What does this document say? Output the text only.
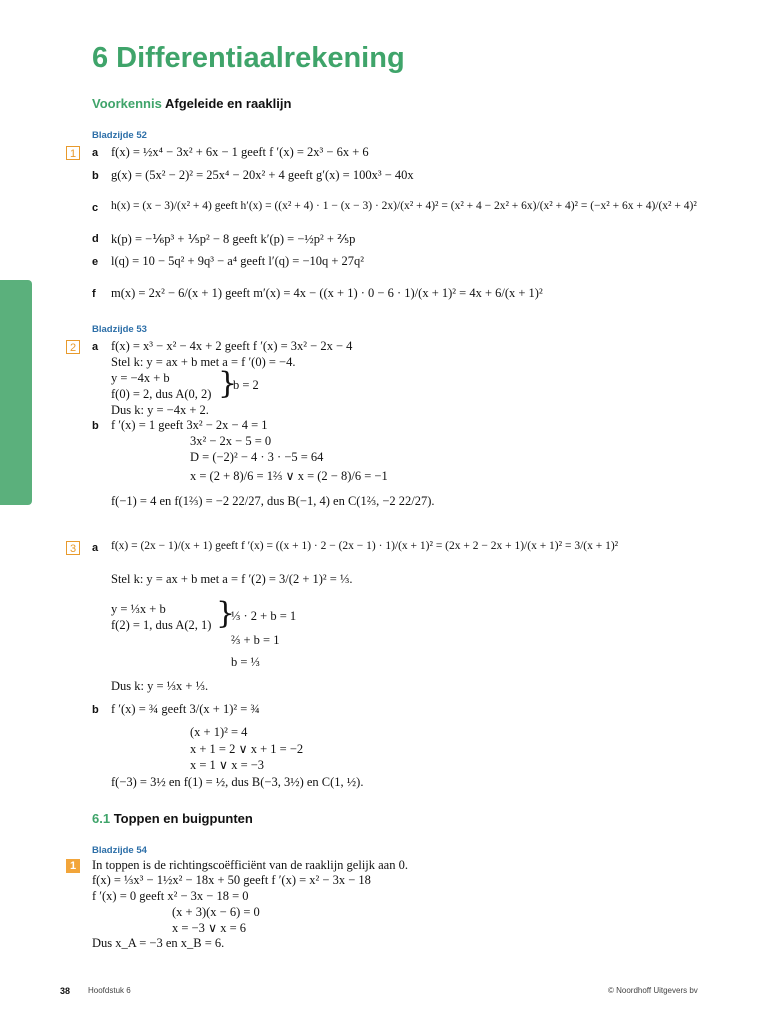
6 Differentiaalrekening
Voorkennis Afgeleide en raaklijn
Bladzijde 52
1	a f(x) = ½x⁴ − 3x² + 6x − 1 geeft f ′(x) = 2x³ − 6x + 6
b g(x) = (5x² − 2)² = 25x⁴ − 20x² + 4 geeft g′(x) = 100x³ − 40x
c h(x) = (x − 3)/(x² + 4) geeft h′(x) = ((x² + 4) · 1 − (x − 3) · 2x)/(x² + 4)² = (x² + 4 − 2x² + 6x)/(x² + 4)² = (−x² + 6x + 4)/(x² + 4)²
d k(p) = −⅙p³ + ⅕p² − 8 geeft k′(p) = −½p² + ⅖p
e l(q) = 10 − 5q² + 9q³ − a⁴ geeft l′(q) = −10q + 27q²
f m(x) = 2x² − 6/(x + 1) geeft m′(x) = 4x − ((x + 1) · 0 − 6 · 1)/(x + 1)² = 4x + 6/(x + 1)²
Bladzijde 53
2	a f(x) = x³ − x² − 4x + 2 geeft f ′(x) = 3x² − 2x − 4
Stel k: y = ax + b met a = f ′(0) = −4.
y = −4x + b
f(0) = 2, dus A(0, 2) }
b = 2
Dus k: y = −4x + 2.
b f ′(x) = 1 geeft 3x² − 2x − 4 = 1
3x² − 2x − 5 = 0
D = (−2)² − 4 · 3 · −5 = 64
x = (2 + 8)/6 = 1⅔ ∨ x = (2 − 8)/6 = −1
f(−1) = 4 en f(1⅔) = −2 22/27, dus B(−1, 4) en C(1⅔, −2 22/27).
3	a f(x) = (2x − 1)/(x + 1) geeft f ′(x) = ((x + 1) · 2 − (2x − 1) · 1)/(x + 1)² = (2x + 2 − 2x + 1)/(x + 1)² = 3/(x + 1)²
Stel k: y = ax + b met a = f ′(2) = 3/(2 + 1)² = ⅓.
y = ⅓x + b
f(2) = 1, dus A(2, 1) }
⅓ · 2 + b = 1
⅔ + b = 1
b = ⅓
Dus k: y = ⅓x + ⅓.
b f ′(x) = ¾ geeft 3/(x + 1)² = ¾
(x + 1)² = 4
x + 1 = 2 ∨ x + 1 = −2
x = 1 ∨ x = −3
f(−3) = 3½ en f(1) = ½, dus B(−3, 3½) en C(1, ½).
6.1 Toppen en buigpunten
Bladzijde 54
1	In toppen is de richtingscoëfficiënt van de raaklijn gelijk aan 0.
f(x) = ⅓x³ − 1½x² − 18x + 50 geeft f ′(x) = x² − 3x − 18
f ′(x) = 0 geeft x² − 3x − 18 = 0
(x + 3)(x − 6) = 0
x = −3 ∨ x = 6
Dus x_A = −3 en x_B = 6.
38 Hoofdstuk 6	© Noordhoff Uitgevers bv
